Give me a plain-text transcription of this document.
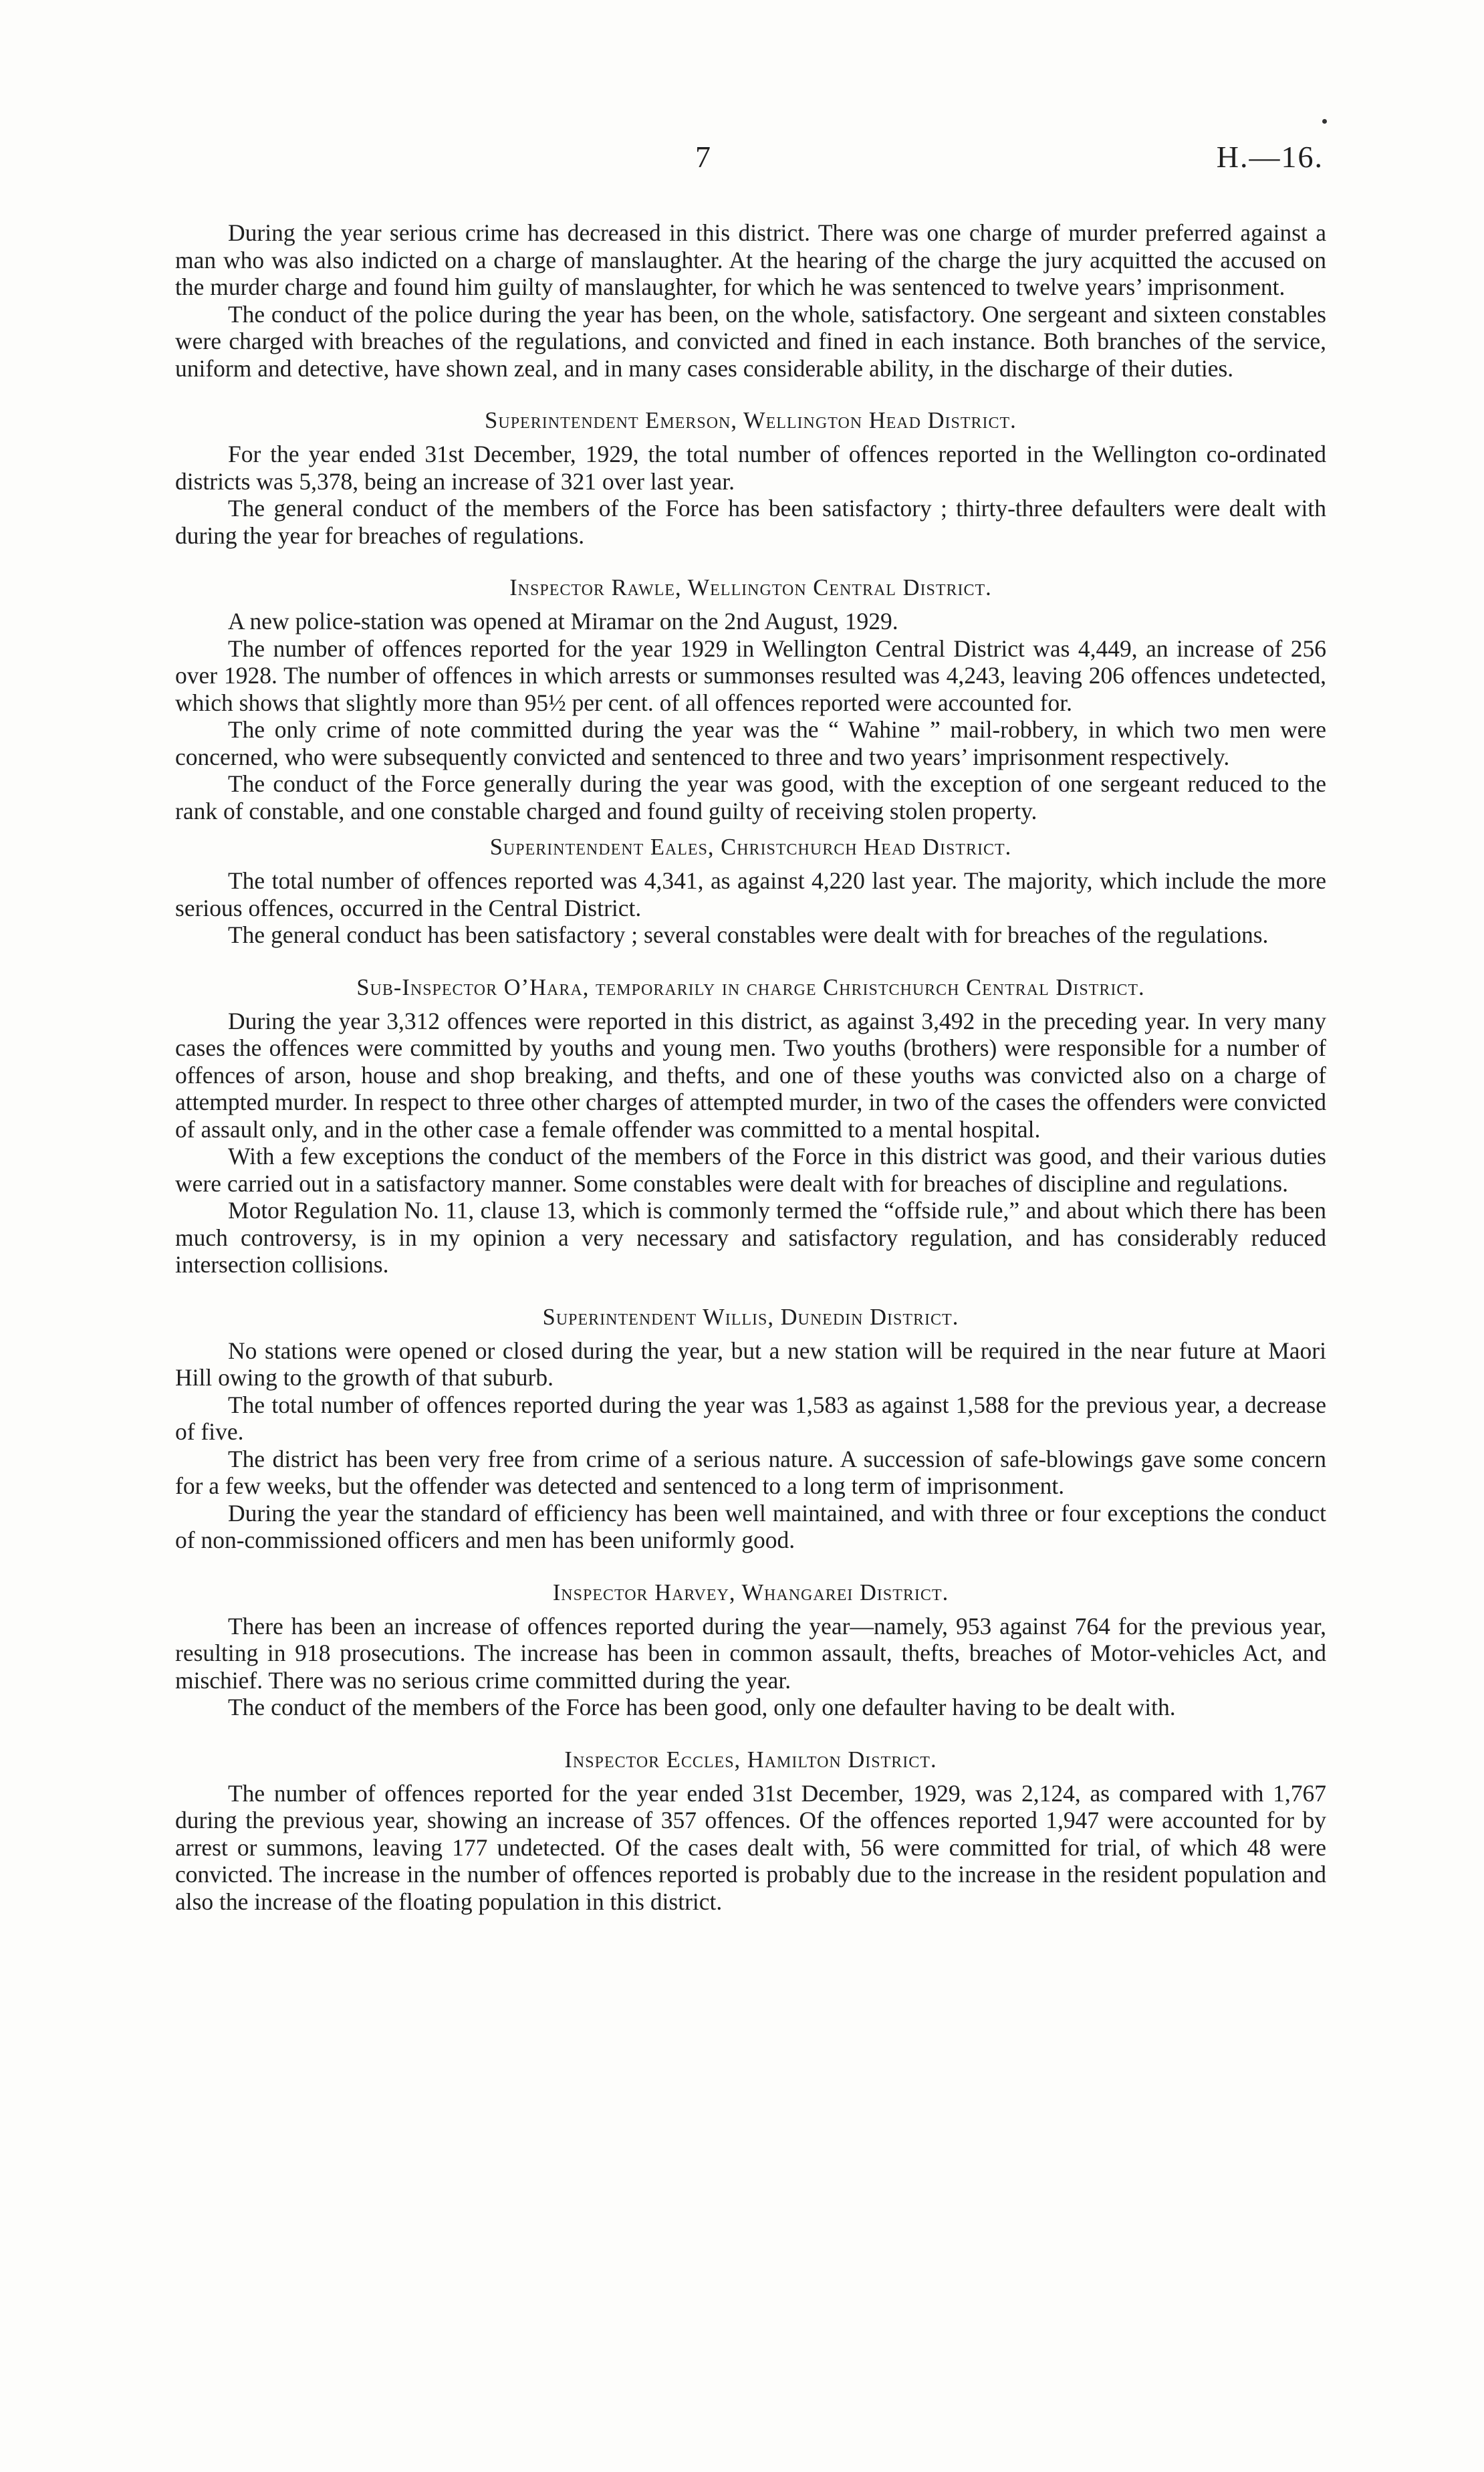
7	H.—16.

During the year serious crime has decreased in this district. There was one charge of murder preferred against a man who was also indicted on a charge of manslaughter. At the hearing of the charge the jury acquitted the accused on the murder charge and found him guilty of manslaughter, for which he was sentenced to twelve years’ imprisonment.

The conduct of the police during the year has been, on the whole, satisfactory. One sergeant and sixteen constables were charged with breaches of the regulations, and convicted and fined in each instance. Both branches of the service, uniform and detective, have shown zeal, and in many cases considerable ability, in the discharge of their duties.

Superintendent Emerson, Wellington Head District.

For the year ended 31st December, 1929, the total number of offences reported in the Wellington co-ordinated districts was 5,378, being an increase of 321 over last year.

The general conduct of the members of the Force has been satisfactory ; thirty-three defaulters were dealt with during the year for breaches of regulations.

Inspector Rawle, Wellington Central District.

A new police-station was opened at Miramar on the 2nd August, 1929.

The number of offences reported for the year 1929 in Wellington Central District was 4,449, an increase of 256 over 1928. The number of offences in which arrests or summonses resulted was 4,243, leaving 206 offences undetected, which shows that slightly more than 95½ per cent. of all offences reported were accounted for.

The only crime of note committed during the year was the “ Wahine ” mail-robbery, in which two men were concerned, who were subsequently convicted and sentenced to three and two years’ imprisonment respectively.

The conduct of the Force generally during the year was good, with the exception of one sergeant reduced to the rank of constable, and one constable charged and found guilty of receiving stolen property.

Superintendent Eales, Christchurch Head District.

The total number of offences reported was 4,341, as against 4,220 last year. The majority, which include the more serious offences, occurred in the Central District.

The general conduct has been satisfactory ; several constables were dealt with for breaches of the regulations.

Sub-Inspector O’Hara, temporarily in charge Christchurch Central District.

During the year 3,312 offences were reported in this district, as against 3,492 in the preceding year. In very many cases the offences were committed by youths and young men. Two youths (brothers) were responsible for a number of offences of arson, house and shop breaking, and thefts, and one of these youths was convicted also on a charge of attempted murder. In respect to three other charges of attempted murder, in two of the cases the offenders were convicted of assault only, and in the other case a female offender was committed to a mental hospital.

With a few exceptions the conduct of the members of the Force in this district was good, and their various duties were carried out in a satisfactory manner. Some constables were dealt with for breaches of discipline and regulations.

Motor Regulation No. 11, clause 13, which is commonly termed the “offside rule,” and about which there has been much controversy, is in my opinion a very necessary and satisfactory regulation, and has considerably reduced intersection collisions.

Superintendent Willis, Dunedin District.

No stations were opened or closed during the year, but a new station will be required in the near future at Maori Hill owing to the growth of that suburb.

The total number of offences reported during the year was 1,583 as against 1,588 for the previous year, a decrease of five.

The district has been very free from crime of a serious nature. A succession of safe-blowings gave some concern for a few weeks, but the offender was detected and sentenced to a long term of imprisonment.

During the year the standard of efficiency has been well maintained, and with three or four exceptions the conduct of non-commissioned officers and men has been uniformly good.

Inspector Harvey, Whangarei District.

There has been an increase of offences reported during the year—namely, 953 against 764 for the previous year, resulting in 918 prosecutions. The increase has been in common assault, thefts, breaches of Motor-vehicles Act, and mischief. There was no serious crime committed during the year.

The conduct of the members of the Force has been good, only one defaulter having to be dealt with.

Inspector Eccles, Hamilton District.

The number of offences reported for the year ended 31st December, 1929, was 2,124, as compared with 1,767 during the previous year, showing an increase of 357 offences. Of the offences reported 1,947 were accounted for by arrest or summons, leaving 177 undetected. Of the cases dealt with, 56 were committed for trial, of which 48 were convicted. The increase in the number of offences reported is probably due to the increase in the resident population and also the increase of the floating population in this district.
